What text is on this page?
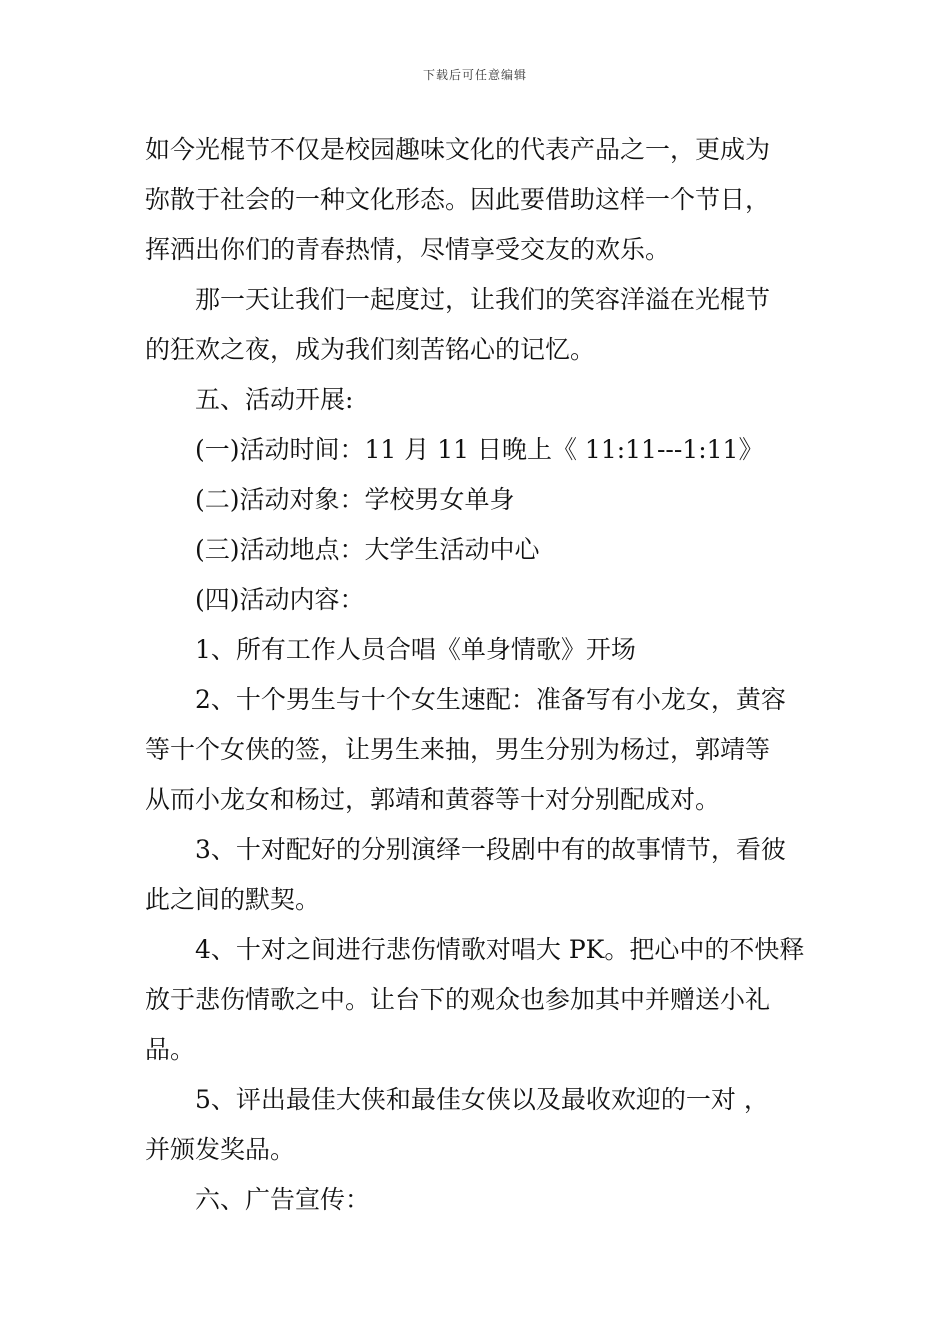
下载后可任意编辑

如今光棍节不仅是校园趣味文化的代表产品之一，更成为

弥散于社会的一种文化形态。因此要借助这样一个节日，

挥洒出你们的青春热情，尽情享受交友的欢乐。

那一天让我们一起度过，让我们的笑容洋溢在光棍节

的狂欢之夜，成为我们刻苦铭心的记忆。

五、活动开展:

(一)活动时间：11 月 11 日晚上《 11:11---1:11》

(二)活动对象：学校男女单身

(三)活动地点：大学生活动中心

(四)活动内容：

1、所有工作人员合唱《单身情歌》开场

2、十个男生与十个女生速配：准备写有小龙女，黄容

等十个女侠的签，让男生来抽，男生分别为杨过，郭靖等

从而小龙女和杨过，郭靖和黄蓉等十对分别配成对。

3、十对配好的分别演绎一段剧中有的故事情节，看彼

此之间的默契。

4、十对之间进行悲伤情歌对唱大 PK。把心中的不快释

放于悲伤情歌之中。让台下的观众也参加其中并赠送小礼

品。

5、评出最佳大侠和最佳女侠以及最收欢迎的一对 ，

并颁发奖品。

六、广告宣传：
